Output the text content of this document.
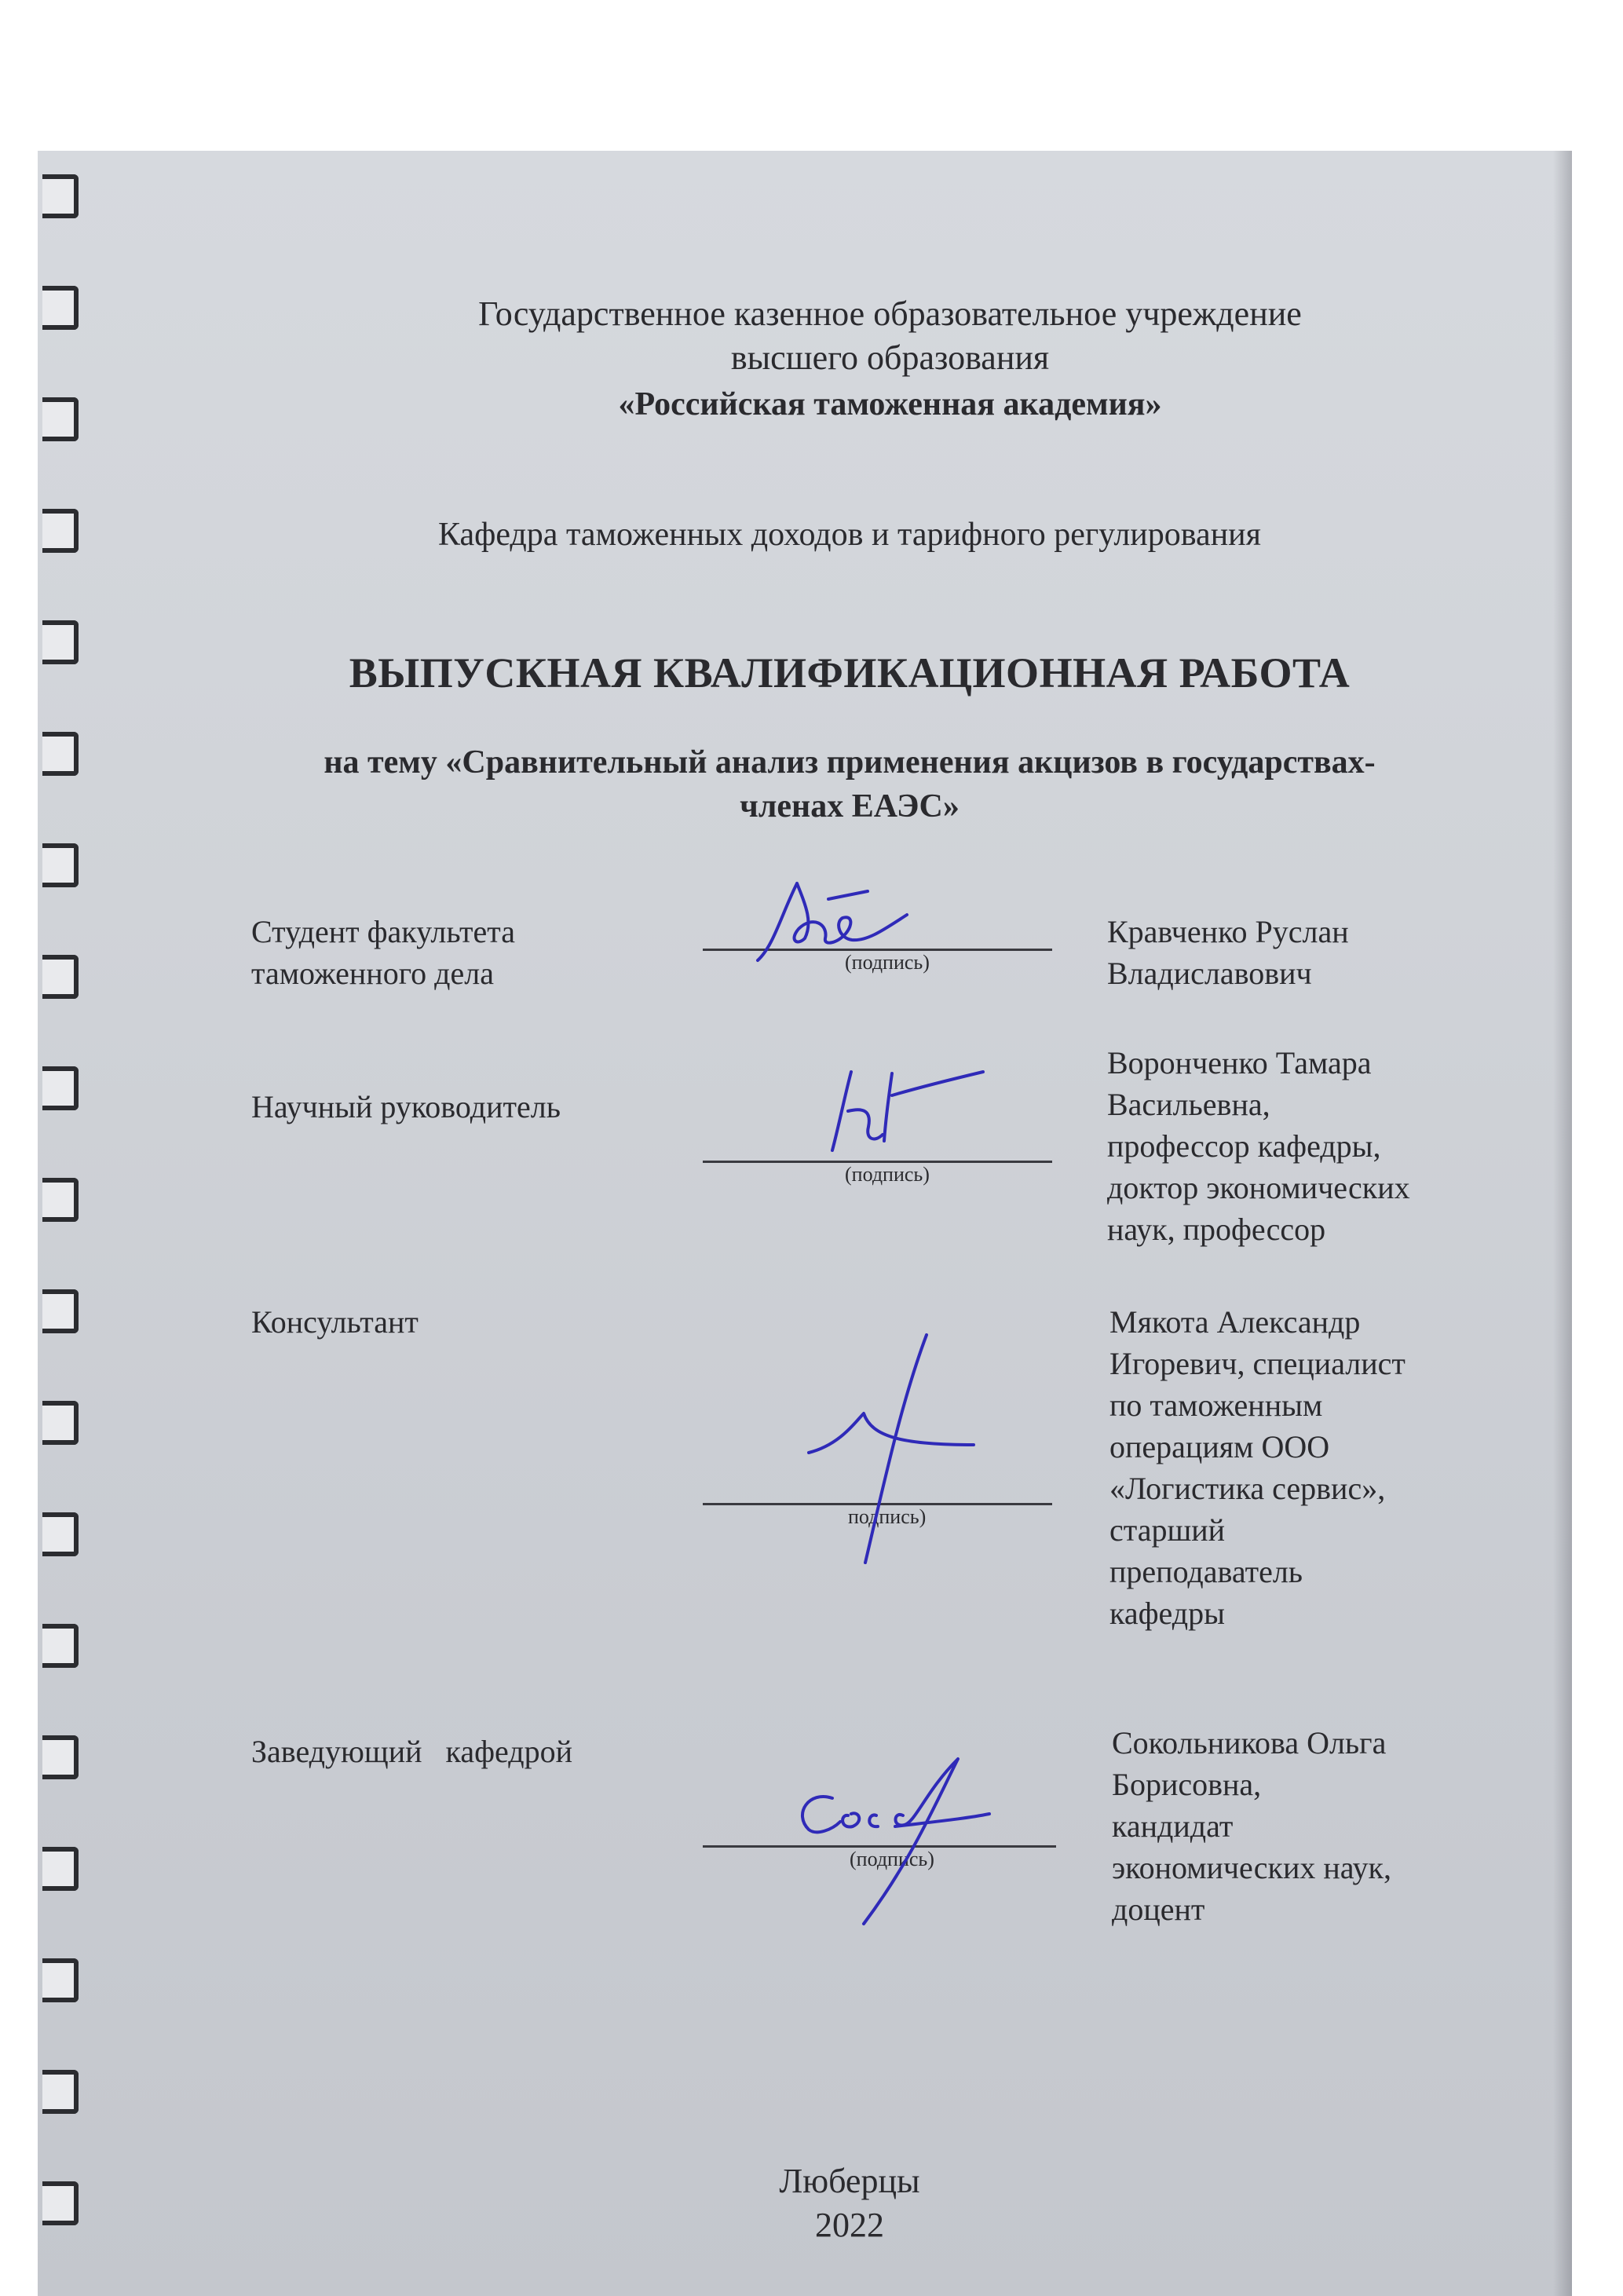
Государственное казенное образовательное учреждение
высшего образования
«Российская таможенная академия»
Кафедра таможенных доходов и тарифного регулирования
ВЫПУСКНАЯ КВАЛИФИКАЦИОННАЯ РАБОТА
на тему «Сравнительный анализ применения акцизов в государствах-
членах ЕАЭС»
Студент факультета
таможенного дела	(подпись)
Кравченко Руслан
Владиславович
Научный руководитель
(подпись)
Воронченко Тамара
Васильевна,
профессор кафедры,
доктор экономических
наук, профессор
Консультант
подпись)
Мякота Александр
Игоревич, специалист
по таможенным
операциям ООО
«Логистика сервис»,
старший
преподаватель
кафедры
Заведующий   кафедрой
(подпись)
Сокольникова Ольга
Борисовна,
кандидат
экономических наук,
доцент
Люберцы
2022
